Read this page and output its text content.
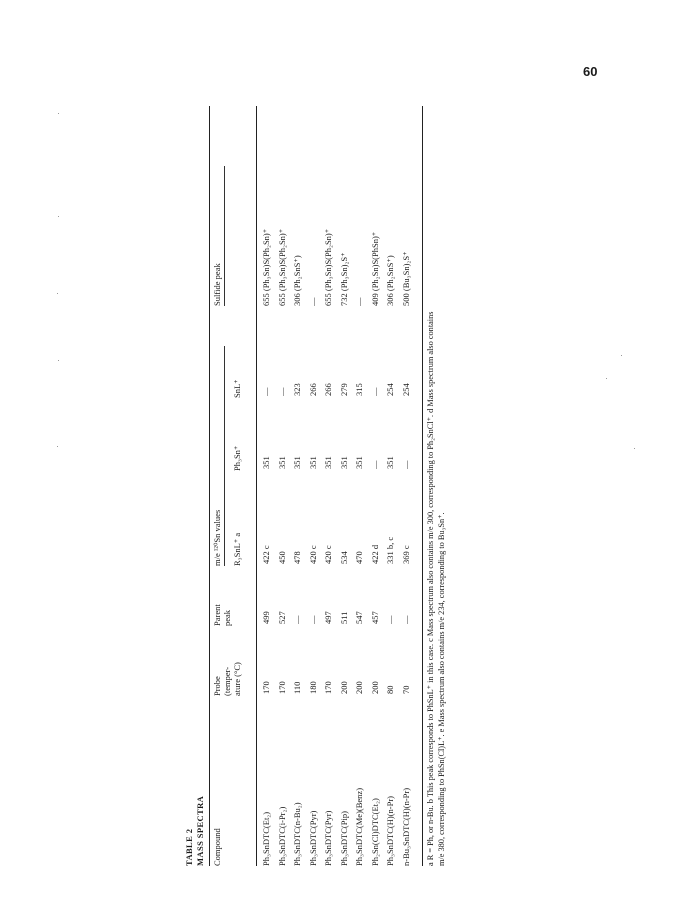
60
TABLE 2 MASS SPECTRA Compound
Probe (temper- ature (°C)
Parent peak
m/e ¹²⁰Sn values R₃SnL⁺ a
Ph₃Sn⁺
SnL⁺
Sulfide peak
Ph₃SnDTC(Et₂)
170
499
422 c
351
—
655 (Ph₃Sn)S(Ph₂Sn)⁺
Ph₃SnDTC(i-Pr₂)
170
527
450
351
—
655 (Ph₃Sn)S(Ph₂Sn)⁺
Ph₃SnDTC(n-Bu₂)
110
—
478
351
323
306 (Ph₂SnS⁺)
Ph₃SnDTC(Pyr)
180
—
420 c
351
266
—
Ph₃SnDTC(Pyr)
170
497
420 c
351
266
655 (Ph₃Sn)S(Ph₂Sn)⁺
Ph₃SnDTC(Pip)
200
511
534
351
279
732 (Ph₃Sn)₂S⁺
Ph₃SnDTC(Me)(Benz)
200
547
470
351
315
—
Ph₂Sn(Cl)DTC(Et₂)
200
457
422 d
—
—
409 (Ph₂Sn)S(PhSn)⁺
Ph₃SnDTC(H)(n-Pr)
80
—
331 b, c
351
254
306 (Ph₂SnS⁺)
n-Bu₃SnDTC(H)(n-Pr)
70
—
369 c
—
254
500 (Bu₃Sn)₂S⁺
a R = Ph, or n-Bu. b This peak corresponds to PhSnL⁺ in this case. c Mass spectrum also contains m/e 300, corresponding to Ph₂SnCl⁺. d Mass spectrum also contains m/e 380, corresponding to PhSn(Cl)L⁺. e Mass spectrum also contains m/e 234, corresponding to Bu₃Sn⁺.
